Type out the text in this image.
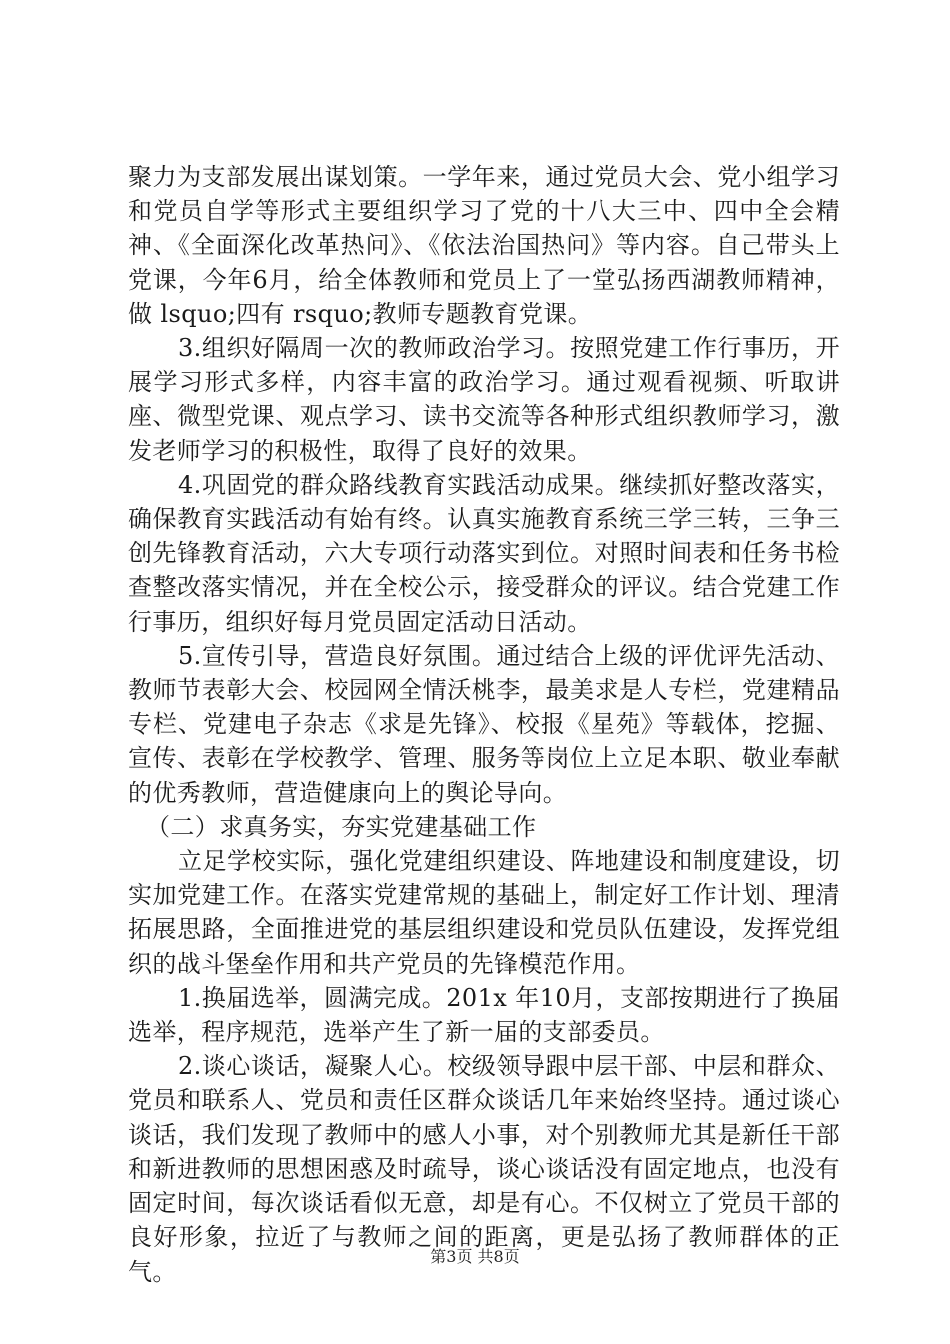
聚力为支部发展出谋划策。一学年来，通过党员大会、党小组学习和党员自学等形式主要组织学习了党的十八大三中、四中全会精神、《全面深化改革热问》、《依法治国热问》等内容。自己带头上党课，今年6月，给全体教师和党员上了一堂弘扬西湖教师精神，做 lsquo;四有 rsquo;教师专题教育党课。

3.组织好隔周一次的教师政治学习。按照党建工作行事历，开展学习形式多样，内容丰富的政治学习。通过观看视频、听取讲座、微型党课、观点学习、读书交流等各种形式组织教师学习，激发老师学习的积极性，取得了良好的效果。

4.巩固党的群众路线教育实践活动成果。继续抓好整改落实，确保教育实践活动有始有终。认真实施教育系统三学三转，三争三创先锋教育活动，六大专项行动落实到位。对照时间表和任务书检查整改落实情况，并在全校公示，接受群众的评议。结合党建工作行事历，组织好每月党员固定活动日活动。

5.宣传引导，营造良好氛围。通过结合上级的评优评先活动、教师节表彰大会、校园网全情沃桃李，最美求是人专栏，党建精品专栏、党建电子杂志《求是先锋》、校报《星苑》等载体，挖掘、宣传、表彰在学校教学、管理、服务等岗位上立足本职、敬业奉献的优秀教师，营造健康向上的舆论导向。

（二）求真务实，夯实党建基础工作

立足学校实际，强化党建组织建设、阵地建设和制度建设，切实加党建工作。在落实党建常规的基础上，制定好工作计划、理清拓展思路，全面推进党的基层组织建设和党员队伍建设，发挥党组织的战斗堡垒作用和共产党员的先锋模范作用。

1.换届选举，圆满完成。201x 年10月，支部按期进行了换届选举，程序规范，选举产生了新一届的支部委员。

2.谈心谈话，凝聚人心。校级领导跟中层干部、中层和群众、党员和联系人、党员和责任区群众谈话几年来始终坚持。通过谈心谈话，我们发现了教师中的感人小事，对个别教师尤其是新任干部和新进教师的思想困惑及时疏导，谈心谈话没有固定地点，也没有固定时间，每次谈话看似无意，却是有心。不仅树立了党员干部的良好形象，拉近了与教师之间的距离，更是弘扬了教师群体的正气。

第3页 共8页
